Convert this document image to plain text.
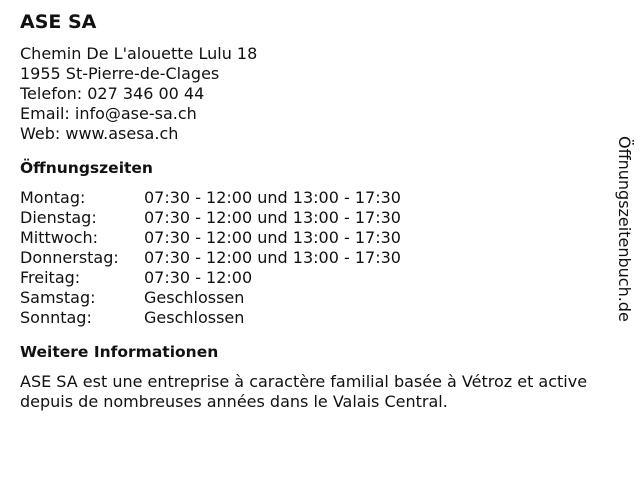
ASE SA
Chemin De L'alouette Lulu 18
1955 St-Pierre-de-Clages
Telefon: 027 346 00 44
Email: info@ase-sa.ch
Web: www.asesa.ch
Öffnungszeiten
Montag:	07:30 - 12:00 und 13:00 - 17:30
Dienstag:	07:30 - 12:00 und 13:00 - 17:30
Mittwoch:	07:30 - 12:00 und 13:00 - 17:30
Donnerstag:	07:30 - 12:00 und 13:00 - 17:30
Freitag:	07:30 - 12:00
Samstag:	Geschlossen
Sonntag:	Geschlossen
Weitere Informationen
ASE SA est une entreprise à caractère familial basée à Vétroz et active depuis de nombreuses années dans le Valais Central.
Öffnungszeitenbuch.de
